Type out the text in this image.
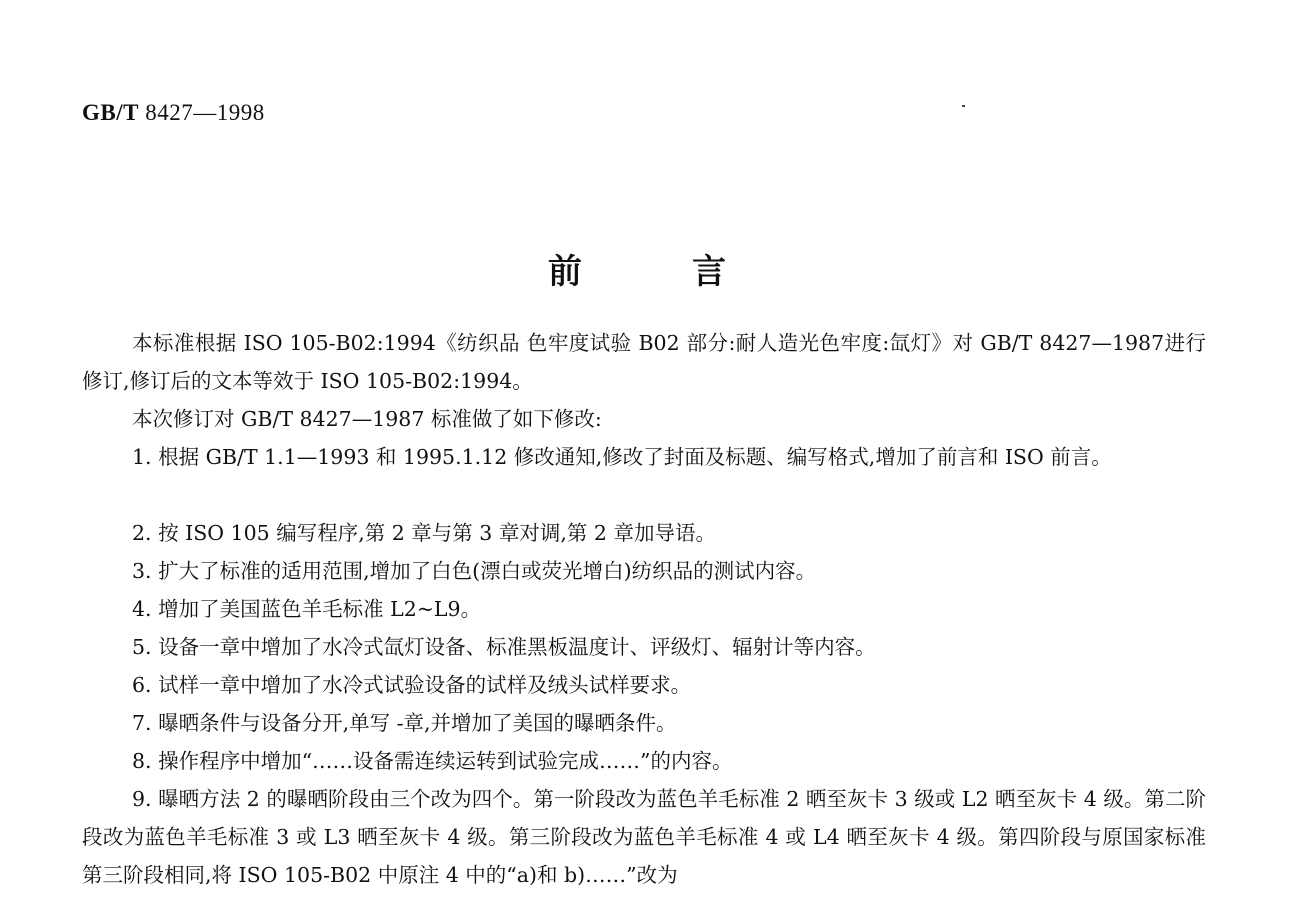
GB/T 8427—1998
前言
本标准根据 ISO 105-B02:1994《纺织品 色牢度试验 B02 部分:耐人造光色牢度:氙灯》对 GB/T 8427—1987进行修订,修订后的文本等效于 ISO 105-B02:1994。
本次修订对 GB/T 8427—1987 标准做了如下修改:
1. 根据 GB/T 1.1—1993 和 1995.1.12 修改通知,修改了封面及标题、编写格式,增加了前言和 ISO 前言。
2. 按 ISO 105 编写程序,第 2 章与第 3 章对调,第 2 章加导语。
3. 扩大了标准的适用范围,增加了白色(漂白或荧光增白)纺织品的测试内容。
4. 增加了美国蓝色羊毛标准 L2~L9。
5. 设备一章中增加了水冷式氙灯设备、标准黑板温度计、评级灯、辐射计等内容。
6. 试样一章中增加了水冷式试验设备的试样及绒头试样要求。
7. 曝晒条件与设备分开,单写 -章,并增加了美国的曝晒条件。
8. 操作程序中增加“……设备需连续运转到试验完成……”的内容。
9. 曝晒方法 2 的曝晒阶段由三个改为四个。第一阶段改为蓝色羊毛标准 2 晒至灰卡 3 级或 L2 晒至灰卡 4 级。第二阶段改为蓝色羊毛标准 3 或 L3 晒至灰卡 4 级。第三阶段改为蓝色羊毛标准 4 或 L4 晒至灰卡 4 级。第四阶段与原国家标准第三阶段相同,将 ISO 105-B02 中原注 4 中的“a)和 b)……”改为
